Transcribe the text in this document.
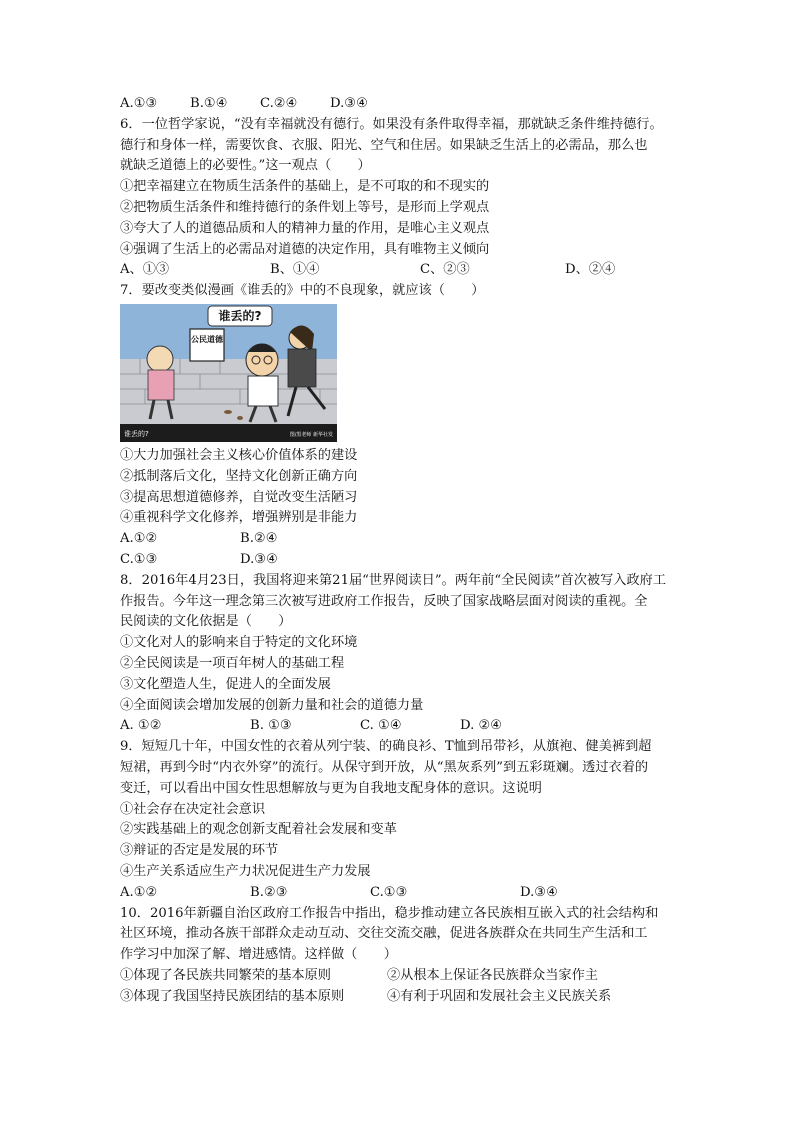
A.①③	B.①④	C.②④	D.③④
6．一位哲学家说，“没有幸福就没有德行。如果没有条件取得幸福，那就缺乏条件维持德行。
德行和身体一样，需要饮食、衣服、阳光、空气和住居。如果缺乏生活上的必需品，那么也
就缺乏道德上的必要性。”这一观点（　　）
①把幸福建立在物质生活条件的基础上，是不可取的和不现实的
②把物质生活条件和维持德行的条件划上等号，是形而上学观点
③夸大了人的道德品质和人的精神力量的作用，是唯心主义观点
④强调了生活上的必需品对道德的决定作用，具有唯物主义倾向
A、①③	B、①④	C、②③	D、②④
7．要改变类似漫画《谁丢的》中的不良现象，就应该（　　）
谁丢的?
公民道德
谁丢的?	图/黑老师 新华社发
①大力加强社会主义核心价值体系的建设
②抵制落后文化，坚持文化创新正确方向
③提高思想道德修养，自觉改变生活陋习
④重视科学文化修养，增强辨别是非能力
A.①②	B.②④
C.①③	D.③④
8．2016年4月23日，我国将迎来第21届“世界阅读日”。两年前“全民阅读”首次被写入政府工
作报告。今年这一理念第三次被写进政府工作报告，反映了国家战略层面对阅读的重视。全
民阅读的文化依据是（　　）
①文化对人的影响来自于特定的文化环境
②全民阅读是一项百年树人的基础工程
③文化塑造人生，促进人的全面发展
④全面阅读会增加发展的创新力量和社会的道德力量
A. ①②	B. ①③	C. ①④	D. ②④
9．短短几十年，中国女性的衣着从列宁装、的确良衫、T恤到吊带衫，从旗袍、健美裤到超
短裙，再到今时“内衣外穿”的流行。从保守到开放，从“黑灰系列”到五彩斑斓。透过衣着的
变迁，可以看出中国女性思想解放与更为自我地支配身体的意识。这说明
①社会存在决定社会意识
②实践基础上的观念创新支配着社会发展和变革
③辩证的否定是发展的环节
④生产关系适应生产力状况促进生产力发展
A.①②	B.②③	C.①③	D.③④
10．2016年新疆自治区政府工作报告中指出，稳步推动建立各民族相互嵌入式的社会结构和
社区环境，推动各族干部群众走动互动、交往交流交融，促进各族群众在共同生产生活和工
作学习中加深了解、增进感情。这样做（　　）
①体现了各民族共同繁荣的基本原则	②从根本上保证各民族群众当家作主
③体现了我国坚持民族团结的基本原则	④有利于巩固和发展社会主义民族关系
